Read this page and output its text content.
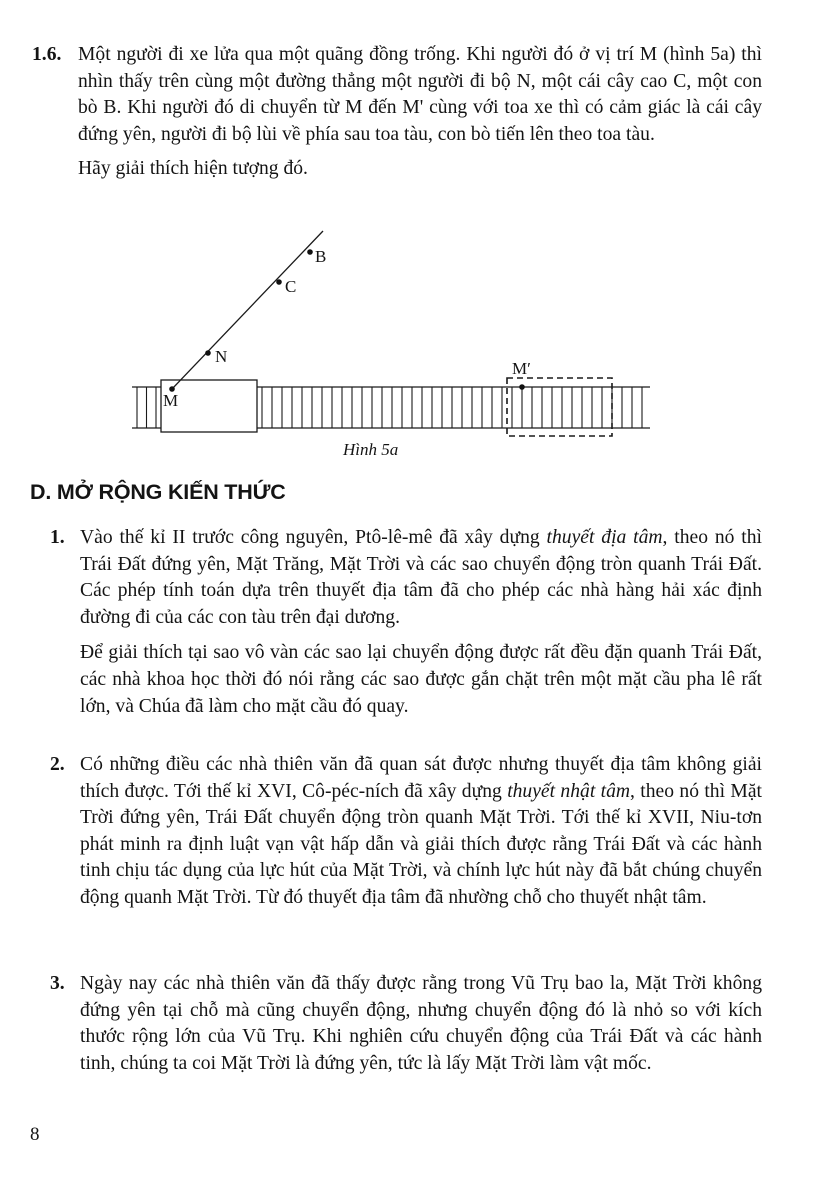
1.6. Một người đi xe lửa qua một quãng đồng trống. Khi người đó ở vị trí M (hình 5a) thì nhìn thấy trên cùng một đường thẳng một người đi bộ N, một cái cây cao C, một con bò B. Khi người đó di chuyển từ M đến M' cùng với toa xe thì có cảm giác là cái cây đứng yên, người đi bộ lùi về phía sau toa tàu, con bò tiến lên theo toa tàu.

Hãy giải thích hiện tượng đó.

M
N
C
B
M′
Hình 5a
D. MỞ RỘNG KIẾN THỨC
1. Vào thế kỉ II trước công nguyên, Ptô-lê-mê đã xây dựng thuyết địa tâm, theo nó thì Trái Đất đứng yên, Mặt Trăng, Mặt Trời và các sao chuyển động tròn quanh Trái Đất. Các phép tính toán dựa trên thuyết địa tâm đã cho phép các nhà hàng hải xác định đường đi của các con tàu trên đại dương.

Để giải thích tại sao vô vàn các sao lại chuyển động được rất đều đặn quanh Trái Đất, các nhà khoa học thời đó nói rằng các sao được gắn chặt trên một mặt cầu pha lê rất lớn, và Chúa đã làm cho mặt cầu đó quay.

2. Có những điều các nhà thiên văn đã quan sát được nhưng thuyết địa tâm không giải thích được. Tới thế kỉ XVI, Cô-péc-ních đã xây dựng thuyết nhật tâm, theo nó thì Mặt Trời đứng yên, Trái Đất chuyển động tròn quanh Mặt Trời. Tới thế kỉ XVII, Niu-tơn phát minh ra định luật vạn vật hấp dẫn và giải thích được rằng Trái Đất và các hành tinh chịu tác dụng của lực hút của Mặt Trời, và chính lực hút này đã bắt chúng chuyển động quanh Mặt Trời. Từ đó thuyết địa tâm đã nhường chỗ cho thuyết nhật tâm.

3. Ngày nay các nhà thiên văn đã thấy được rằng trong Vũ Trụ bao la, Mặt Trời không đứng yên tại chỗ mà cũng chuyển động, nhưng chuyển động đó là nhỏ so với kích thước rộng lớn của Vũ Trụ. Khi nghiên cứu chuyển động của Trái Đất và các hành tinh, chúng ta coi Mặt Trời là đứng yên, tức là lấy Mặt Trời làm vật mốc.

8
